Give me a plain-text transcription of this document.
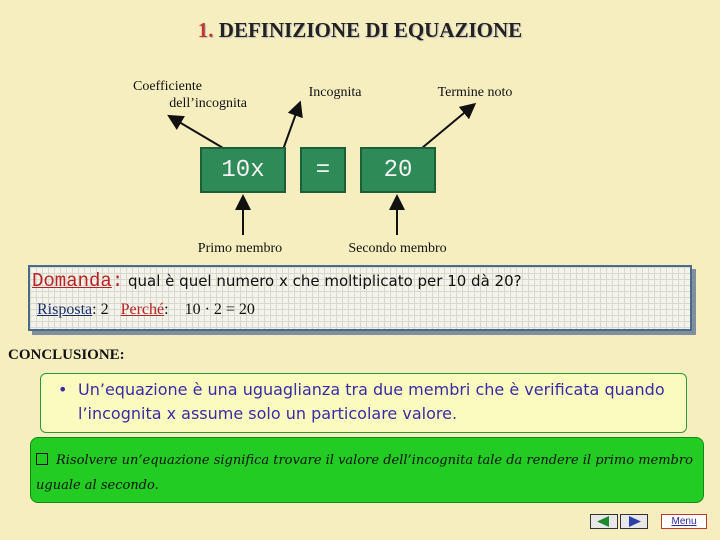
1. DEFINIZIONE DI EQUAZIONE
Coefficiente
dell’incognita
Incognita	Termine noto
10x = 20
Primo membro	Secondo membro
Domanda: qual è quel numero x che moltiplicato per 10 dà 20?
Risposta: 2 Perché:    10 · 2 = 20
CONCLUSIONE:
• Un’equazione è una uguaglianza tra due membri che è verificata quando l’incognita x assume solo un particolare valore.
Risolvere un’equazione significa trovare il valore dell’incognita tale da rendere il primo membro uguale al secondo.
Menu
